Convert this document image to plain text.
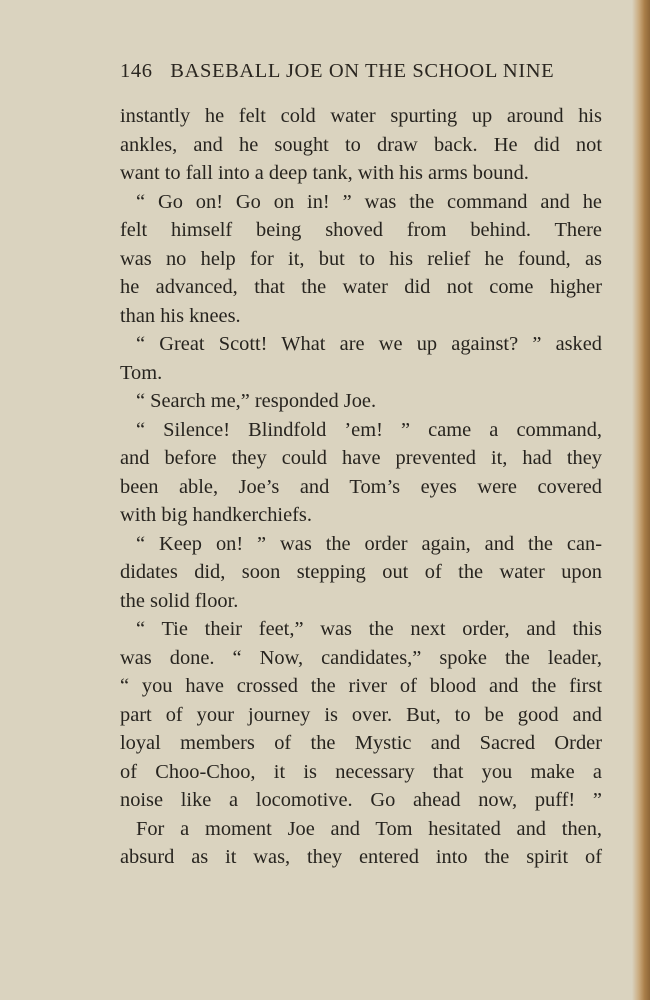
146 BASEBALL JOE ON THE SCHOOL NINE
instantly he felt cold water spurting up around his
ankles, and he sought to draw back. He did not
want to fall into a deep tank, with his arms bound.
“ Go on! Go on in! ” was the command and he
felt himself being shoved from behind. There
was no help for it, but to his relief he found, as
he advanced, that the water did not come higher
than his knees.
“ Great Scott! What are we up against? ” asked
Tom.
“ Search me,” responded Joe.
“ Silence! Blindfold ’em! ” came a command,
and before they could have prevented it, had they
been able, Joe’s and Tom’s eyes were covered
with big handkerchiefs.
“ Keep on! ” was the order again, and the can-
didates did, soon stepping out of the water upon
the solid floor.
“ Tie their feet,” was the next order, and this
was done. “ Now, candidates,” spoke the leader,
“ you have crossed the river of blood and the first
part of your journey is over. But, to be good and
loyal members of the Mystic and Sacred Order
of Choo-Choo, it is necessary that you make a
noise like a locomotive. Go ahead now, puff! ”
For a moment Joe and Tom hesitated and then,
absurd as it was, they entered into the spirit of
